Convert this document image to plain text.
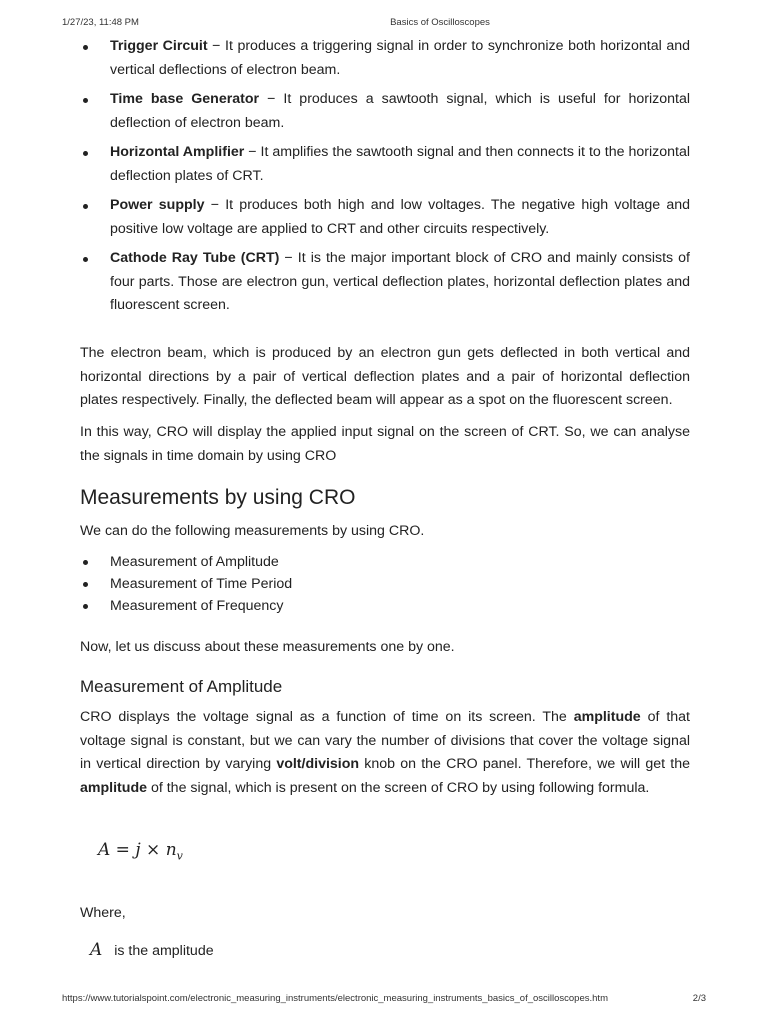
1/27/23, 11:48 PM	Basics of Oscilloscopes
Trigger Circuit − It produces a triggering signal in order to synchronize both horizontal and vertical deflections of electron beam.
Time base Generator − It produces a sawtooth signal, which is useful for horizontal deflection of electron beam.
Horizontal Amplifier − It amplifies the sawtooth signal and then connects it to the horizontal deflection plates of CRT.
Power supply − It produces both high and low voltages. The negative high voltage and positive low voltage are applied to CRT and other circuits respectively.
Cathode Ray Tube (CRT) − It is the major important block of CRO and mainly consists of four parts. Those are electron gun, vertical deflection plates, horizontal deflection plates and fluorescent screen.

The electron beam, which is produced by an electron gun gets deflected in both vertical and horizontal directions by a pair of vertical deflection plates and a pair of horizontal deflection plates respectively. Finally, the deflected beam will appear as a spot on the fluorescent screen.

In this way, CRO will display the applied input signal on the screen of CRT. So, we can analyse the signals in time domain by using CRO

Measurements by using CRO

We can do the following measurements by using CRO.

Measurement of Amplitude
Measurement of Time Period
Measurement of Frequency

Now, let us discuss about these measurements one by one.

Measurement of Amplitude

CRO displays the voltage signal as a function of time on its screen. The amplitude of that voltage signal is constant, but we can vary the number of divisions that cover the voltage signal in vertical direction by varying volt/division knob on the CRO panel. Therefore, we will get the amplitude of the signal, which is present on the screen of CRO by using following formula.

$A = j \times n_v$

Where,

A is the amplitude
https://www.tutorialspoint.com/electronic_measuring_instruments/electronic_measuring_instruments_basics_of_oscilloscopes.htm	2/3
